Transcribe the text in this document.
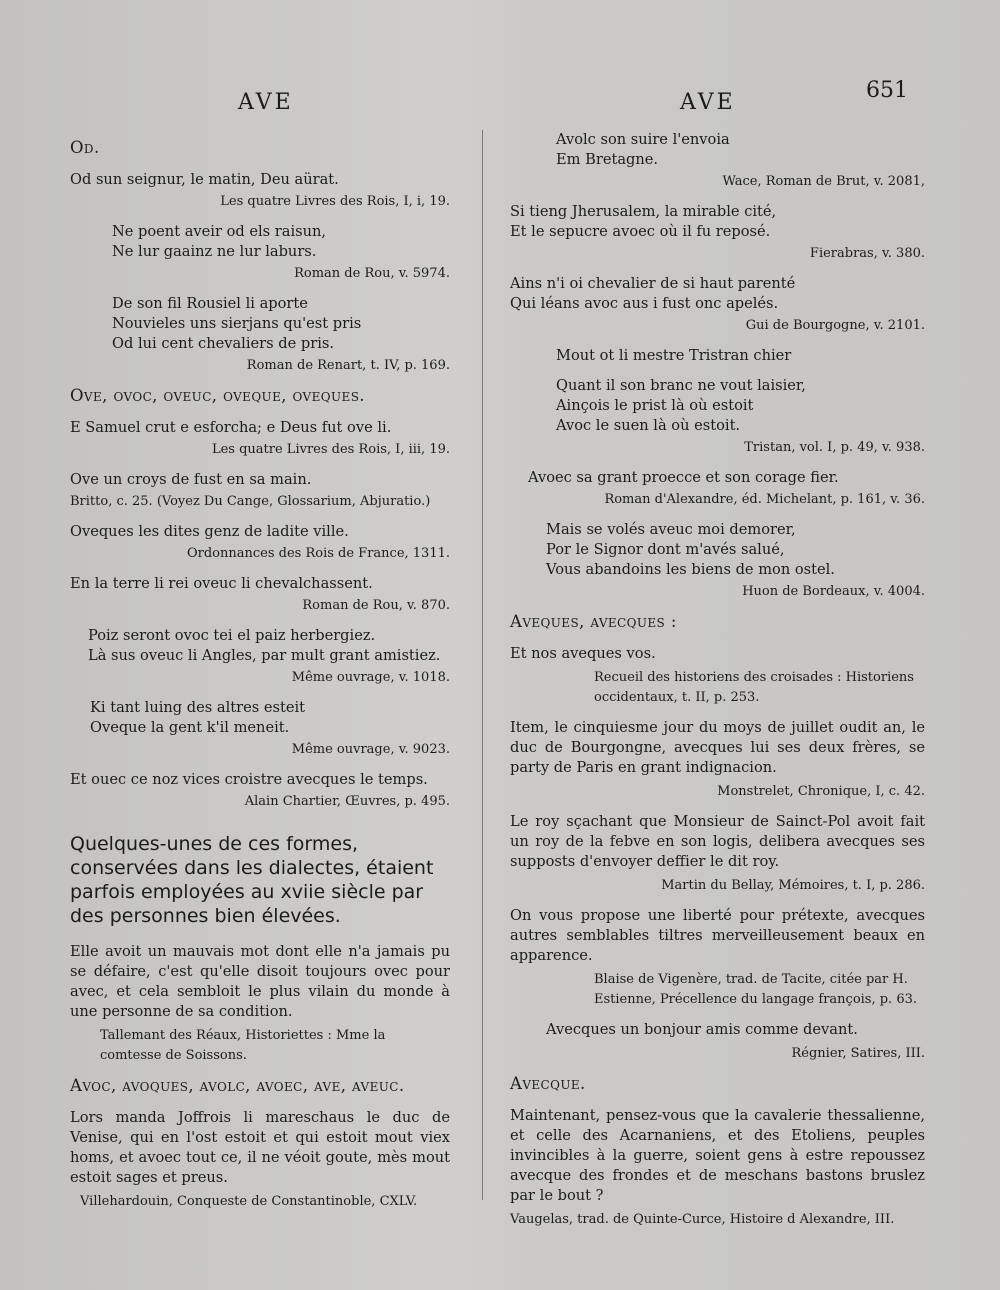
AVE	AVE	651
Od.
Od sun seignur, le matin, Deu aürat.
Les quatre Livres des Rois, I, i, 19.
Ne poent aveir od els raisun,
Ne lur gaainz ne lur laburs.
Roman de Rou, v. 5974.
De son fil Rousiel li aporte
Nouvieles uns sierjans qu'est pris
Od lui cent chevaliers de pris.
Roman de Renart, t. IV, p. 169.
Ove, ovoc, oveuc, oveque, oveques.
E Samuel crut e esforcha; e Deus fut ove li.
Les quatre Livres des Rois, I, iii, 19.
Ove un croys de fust en sa main.
Britto, c. 25. (Voyez Du Cange, Glossarium, Abjuratio.)
Oveques les dites genz de ladite ville.
Ordonnances des Rois de France, 1311.
En la terre li rei oveuc li chevalchassent.
Roman de Rou, v. 870.
Poiz seront ovoc tei el paiz herbergiez.
Là sus oveuc li Angles, par mult grant amistiez.
Même ouvrage, v. 1018.
Ki tant luing des altres esteit
Oveque la gent k'il meneit.
Même ouvrage, v. 9023.
Et ouec ce noz vices croistre avecques le temps.
Alain Chartier, Œuvres, p. 495.
Quelques-unes de ces formes, conservées dans les dialectes, étaient parfois employées au xviie siècle par des personnes bien élevées.

Elle avoit un mauvais mot dont elle n'a jamais pu se défaire, c'est qu'elle disoit toujours ovec pour avec, et cela sembloit le plus vilain du monde à une personne de sa condition.

Tallemant des Réaux, Historiettes : Mme la comtesse de Soissons.
Avoc, avoques, avolc, avoec, ave, aveuc.

Lors manda Joffrois li mareschaus le duc de Venise, qui en l'ost estoit et qui estoit mout viex homs, et avoec tout ce, il ne véoit goute, mès mout estoit sages et preus.

Villehardouin, Conqueste de Constantinoble, CXLV.
Avolc son suire l'envoia
Em Bretagne.
Wace, Roman de Brut, v. 2081,
Si tieng Jherusalem, la mirable cité,
Et le sepucre avoec où il fu reposé.
Fierabras, v. 380.
Ains n'i oi chevalier de si haut parenté
Qui léans avoc aus i fust onc apelés.
Gui de Bourgogne, v. 2101.
Mout ot li mestre Tristran chier
Quant il son branc ne vout laisier,
Ainçois le prist là où estoit
Avoc le suen là où estoit.
Tristan, vol. I, p. 49, v. 938.
Avoec sa grant proecce et son corage fier.
Roman d'Alexandre, éd. Michelant, p. 161, v. 36.
Mais se volés aveuc moi demorer,
Por le Signor dont m'avés salué,
Vous abandoins les biens de mon ostel.
Huon de Bordeaux, v. 4004.
Aveques, avecques :

Et nos aveques vos.

Recueil des historiens des croisades : Historiens occidentaux, t. II, p. 253.

Item, le cinquiesme jour du moys de juillet oudit an, le duc de Bourgongne, avecques lui ses deux frères, se party de Paris en grant indignacion.

Monstrelet, Chronique, I, c. 42.

Le roy sçachant que Monsieur de Sainct-Pol avoit fait un roy de la febve en son logis, delibera avecques ses supposts d'envoyer deffier le dit roy.

Martin du Bellay, Mémoires, t. I, p. 286.

On vous propose une liberté pour prétexte, avecques autres semblables tiltres merveilleusement beaux en apparence.

Blaise de Vigenère, trad. de Tacite, citée par H. Estienne, Précellence du langage françois, p. 63.

Avecques un bonjour amis comme devant.

Régnier, Satires, III.
Avecque.

Maintenant, pensez-vous que la cavalerie thessalienne, et celle des Acarnaniens, et des Etoliens, peuples invincibles à la guerre, soient gens à estre repoussez avecque des frondes et de meschans bastons bruslez par le bout ?

Vaugelas, trad. de Quinte-Curce, Histoire d Alexandre, III.
